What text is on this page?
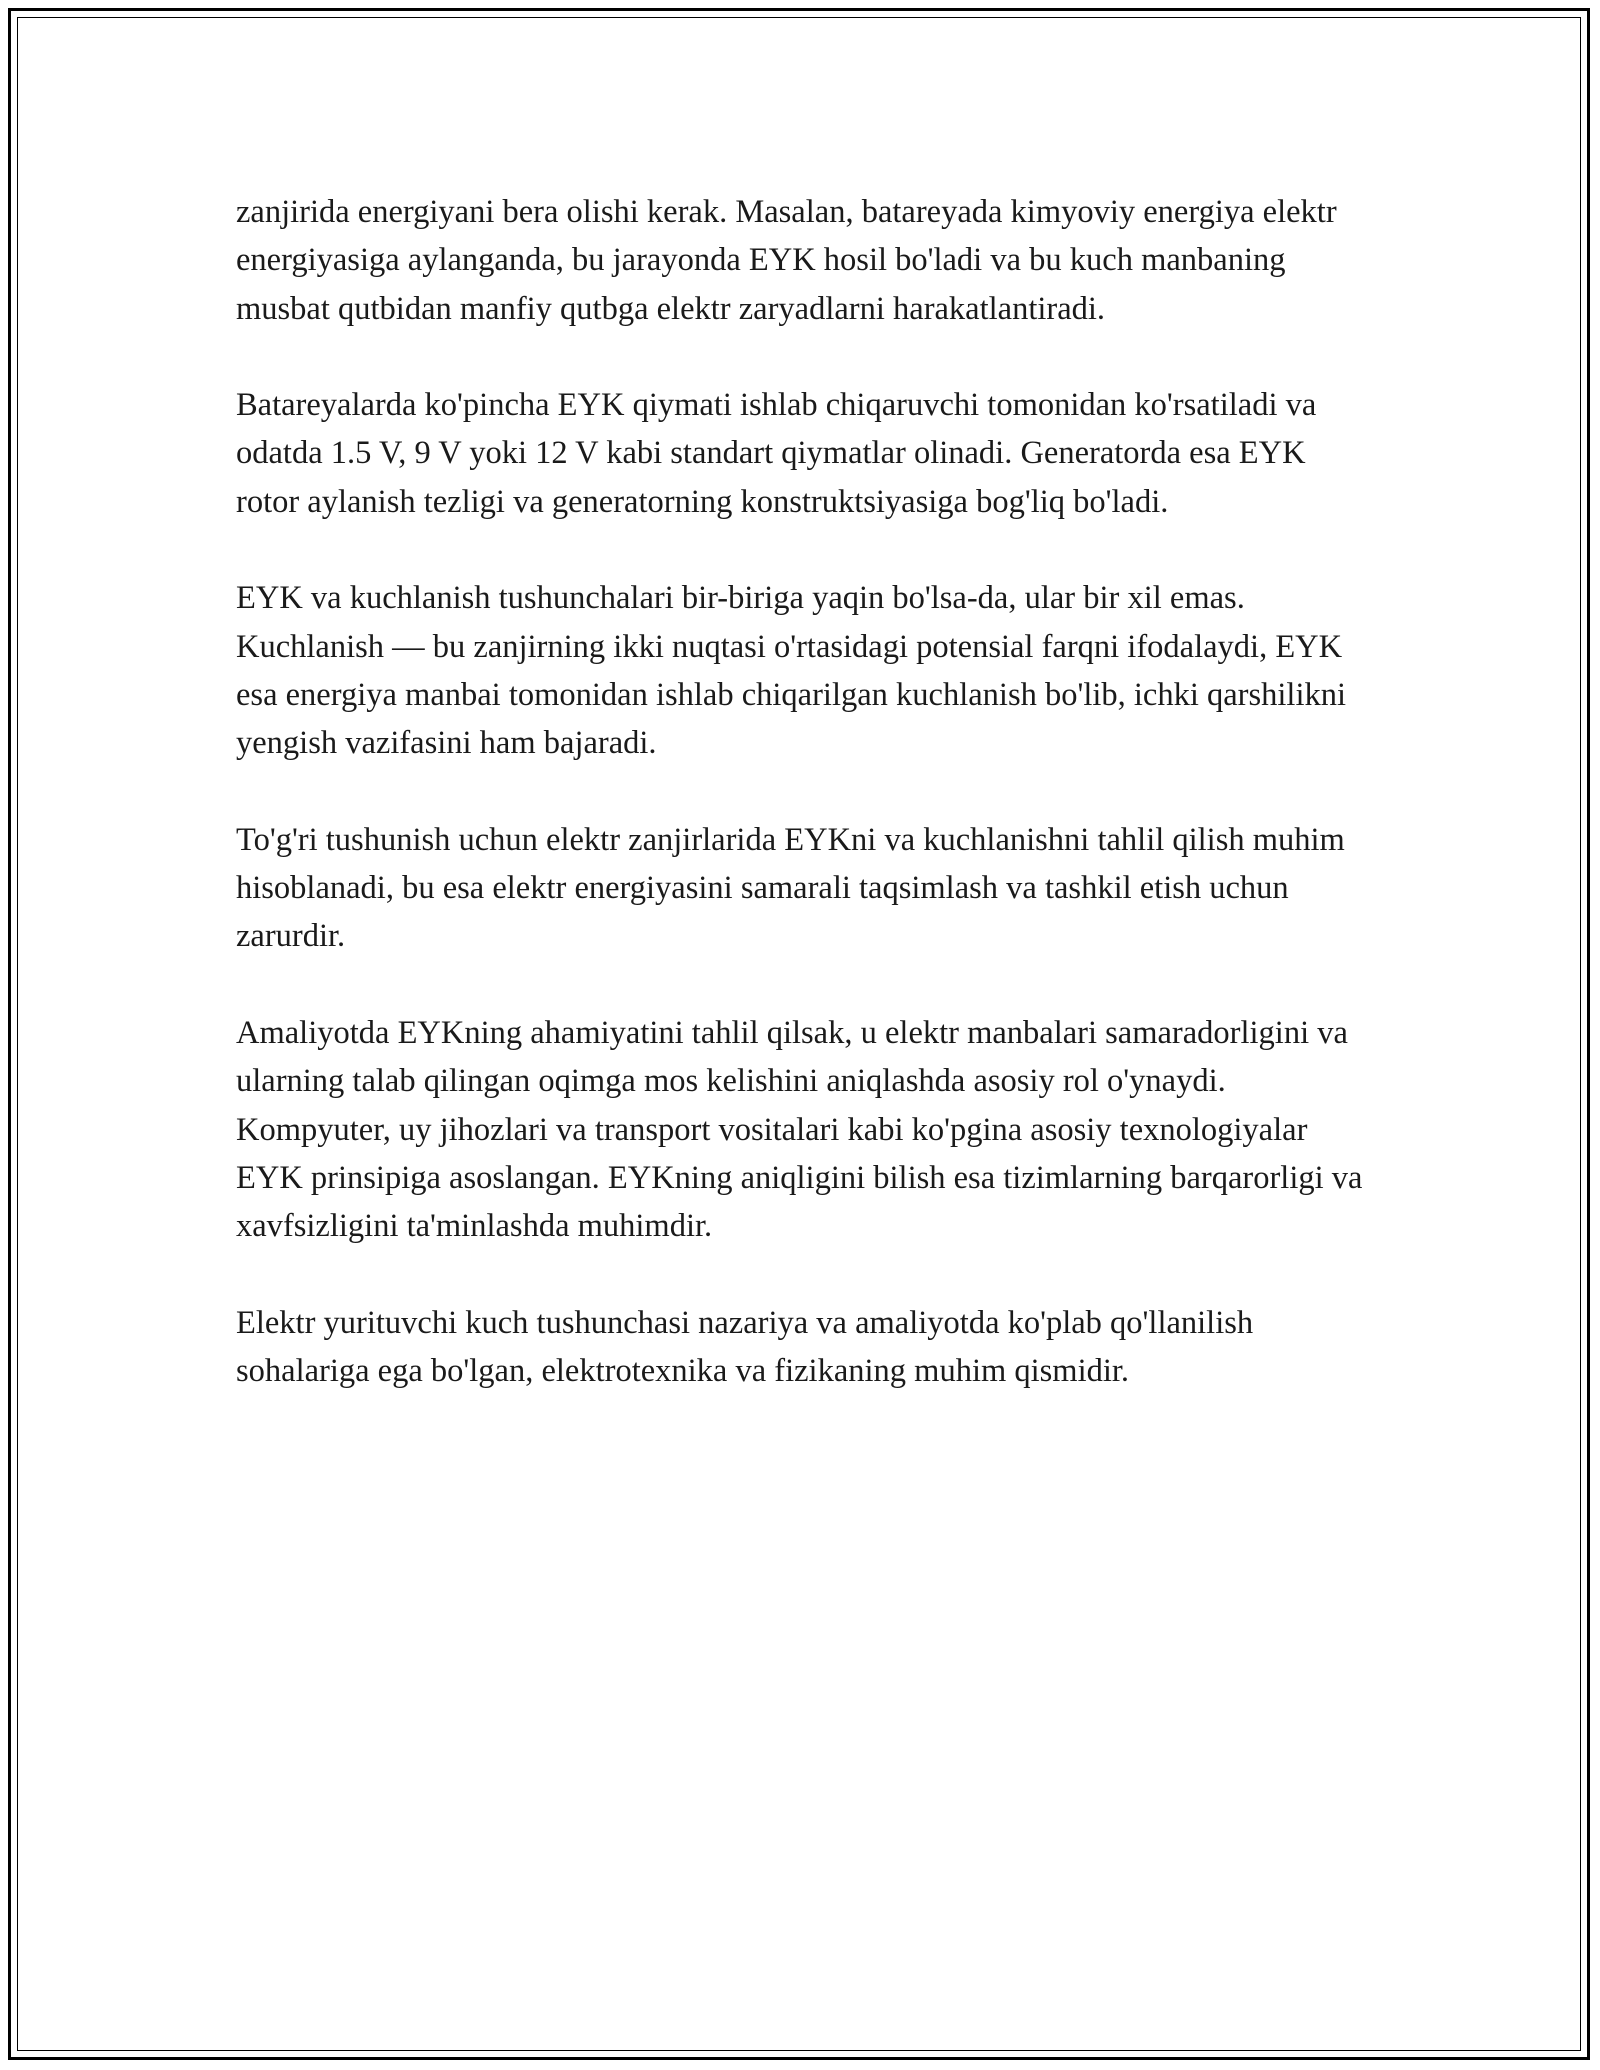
zanjirida energiyani bera olishi kerak. Masalan, batareyada kimyoviy energiya elektr energiyasiga aylanganda, bu jarayonda EYK hosil bo'ladi va bu kuch manbaning musbat qutbidan manfiy qutbga elektr zaryadlarni harakatlantiradi.

Batareyalarda ko'pincha EYK qiymati ishlab chiqaruvchi tomonidan ko'rsatiladi va odatda 1.5 V, 9 V yoki 12 V kabi standart qiymatlar olinadi. Generatorda esa EYK rotor aylanish tezligi va generatorning konstruktsiyasiga bog'liq bo'ladi.

EYK va kuchlanish tushunchalari bir-biriga yaqin bo'lsa-da, ular bir xil emas. Kuchlanish — bu zanjirning ikki nuqtasi o'rtasidagi potensial farqni ifodalaydi, EYK esa energiya manbai tomonidan ishlab chiqarilgan kuchlanish bo'lib, ichki qarshilikni yengish vazifasini ham bajaradi.

To'g'ri tushunish uchun elektr zanjirlarida EYKni va kuchlanishni tahlil qilish muhim hisoblanadi, bu esa elektr energiyasini samarali taqsimlash va tashkil etish uchun zarurdir.

Amaliyotda EYKning ahamiyatini tahlil qilsak, u elektr manbalari samaradorligini va ularning talab qilingan oqimga mos kelishini aniqlashda asosiy rol o'ynaydi. Kompyuter, uy jihozlari va transport vositalari kabi ko'pgina asosiy texnologiyalar EYK prinsipiga asoslangan. EYKning aniqligini bilish esa tizimlarning barqarorligi va xavfsizligini ta'minlashda muhimdir.

Elektr yurituvchi kuch tushunchasi nazariya va amaliyotda ko'plab qo'llanilish sohalariga ega bo'lgan, elektrotexnika va fizikaning muhim qismidir.
